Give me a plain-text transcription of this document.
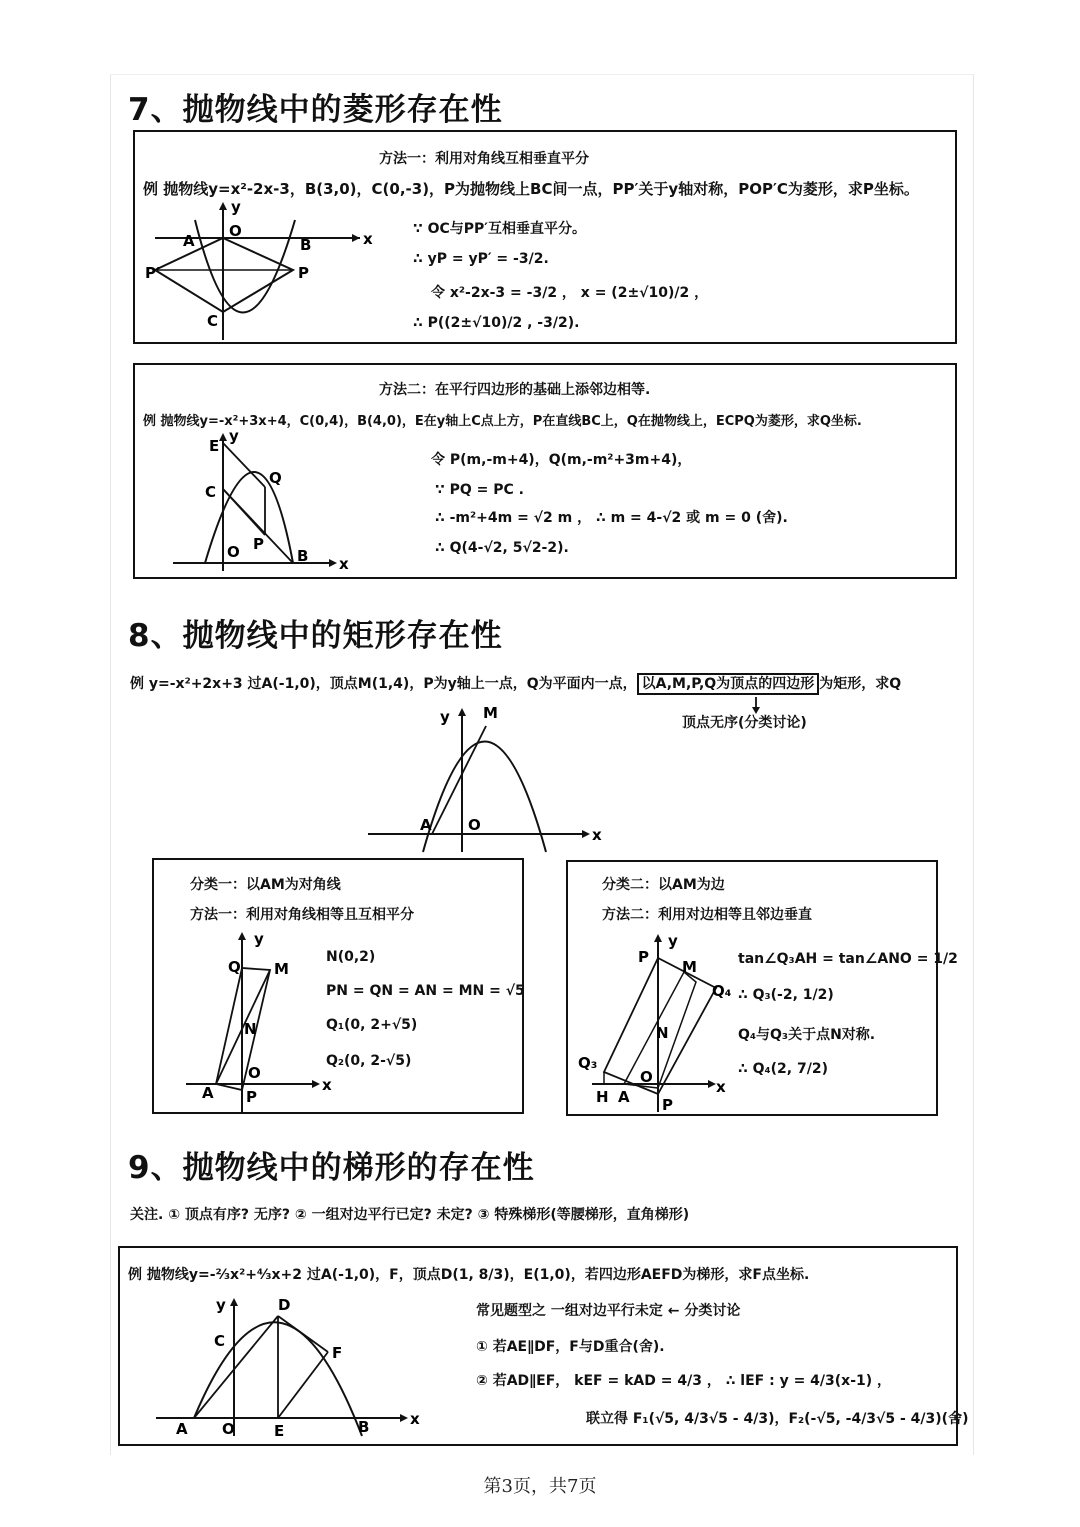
7、抛物线中的菱形存在性
方法一：利用对角线互相垂直平分
例 抛物线y=x²-2x-3，B(3,0)，C(0,-3)，P为抛物线上BC间一点，PP′关于y轴对称，POP′C为菱形，求P坐标。
y
x
A
O
B
P′	P
C
∵ OC与PP′互相垂直平分。
∴ yP = yP′ = -3/2.
令 x²-2x-3 = -3/2 ， x = (2±√10)/2 ，
∴ P((2±√10)/2 , -3/2).
方法二：在平行四边形的基础上添邻边相等.
例 抛物线y=-x²+3x+4，C(0,4)，B(4,0)，E在y轴上C点上方，P在直线BC上，Q在抛物线上，ECPQ为菱形，求Q坐标.
y
x
E
C
Q
P
O	B
令 P(m,-m+4)，Q(m,-m²+3m+4)，
∵ PQ = PC .
∴ -m²+4m = √2 m ， ∴ m = 4-√2 或 m = 0 (舍).
∴ Q(4-√2, 5√2-2).
8、抛物线中的矩形存在性
例 y=-x²+2x+3 过A(-1,0)，顶点M(1,4)，P为y轴上一点，Q为平面内一点， 以A,M,P,Q为顶点的四边形 为矩形，求Q
顶点无序(分类讨论)
y
x
M
A O
分类一：以AM为对角线
方法一：利用对角线相等且互相平分
y
x
Q M
N
O
A P
N(0,2)
PN = QN = AN = MN = √5
Q₁(0, 2+√5)
Q₂(0, 2-√5)
分类二：以AM为边
方法二：利用对边相等且邻边垂直
y
x
P
M
Q₄
N
Q₃
H A
O
P
tan∠Q₃AH = tan∠ANO = 1/2
∴ Q₃(-2, 1/2)
Q₄与Q₃关于点N对称.
∴ Q₄(2, 7/2)
9、抛物线中的梯形的存在性
关注. ① 顶点有序? 无序? ② 一组对边平行已定? 未定? ③ 特殊梯形(等腰梯形，直角梯形)
例 抛物线y=-⅔x²+⁴⁄₃x+2 过A(-1,0)，F，顶点D(1, 8/3)，E(1,0)，若四边形AEFD为梯形，求F点坐标.
y
x
D
C
F
A O	E	B
常见题型之 一组对边平行未定 ← 分类讨论
① 若AE∥DF，F与D重合(舍).
② 若AD∥EF， kEF = kAD = 4/3 ， ∴ lEF : y = 4/3(x-1) ，
联立得 F₁(√5, 4/3√5 - 4/3)，F₂(-√5, -4/3√5 - 4/3)(舍)
第3页，共7页
